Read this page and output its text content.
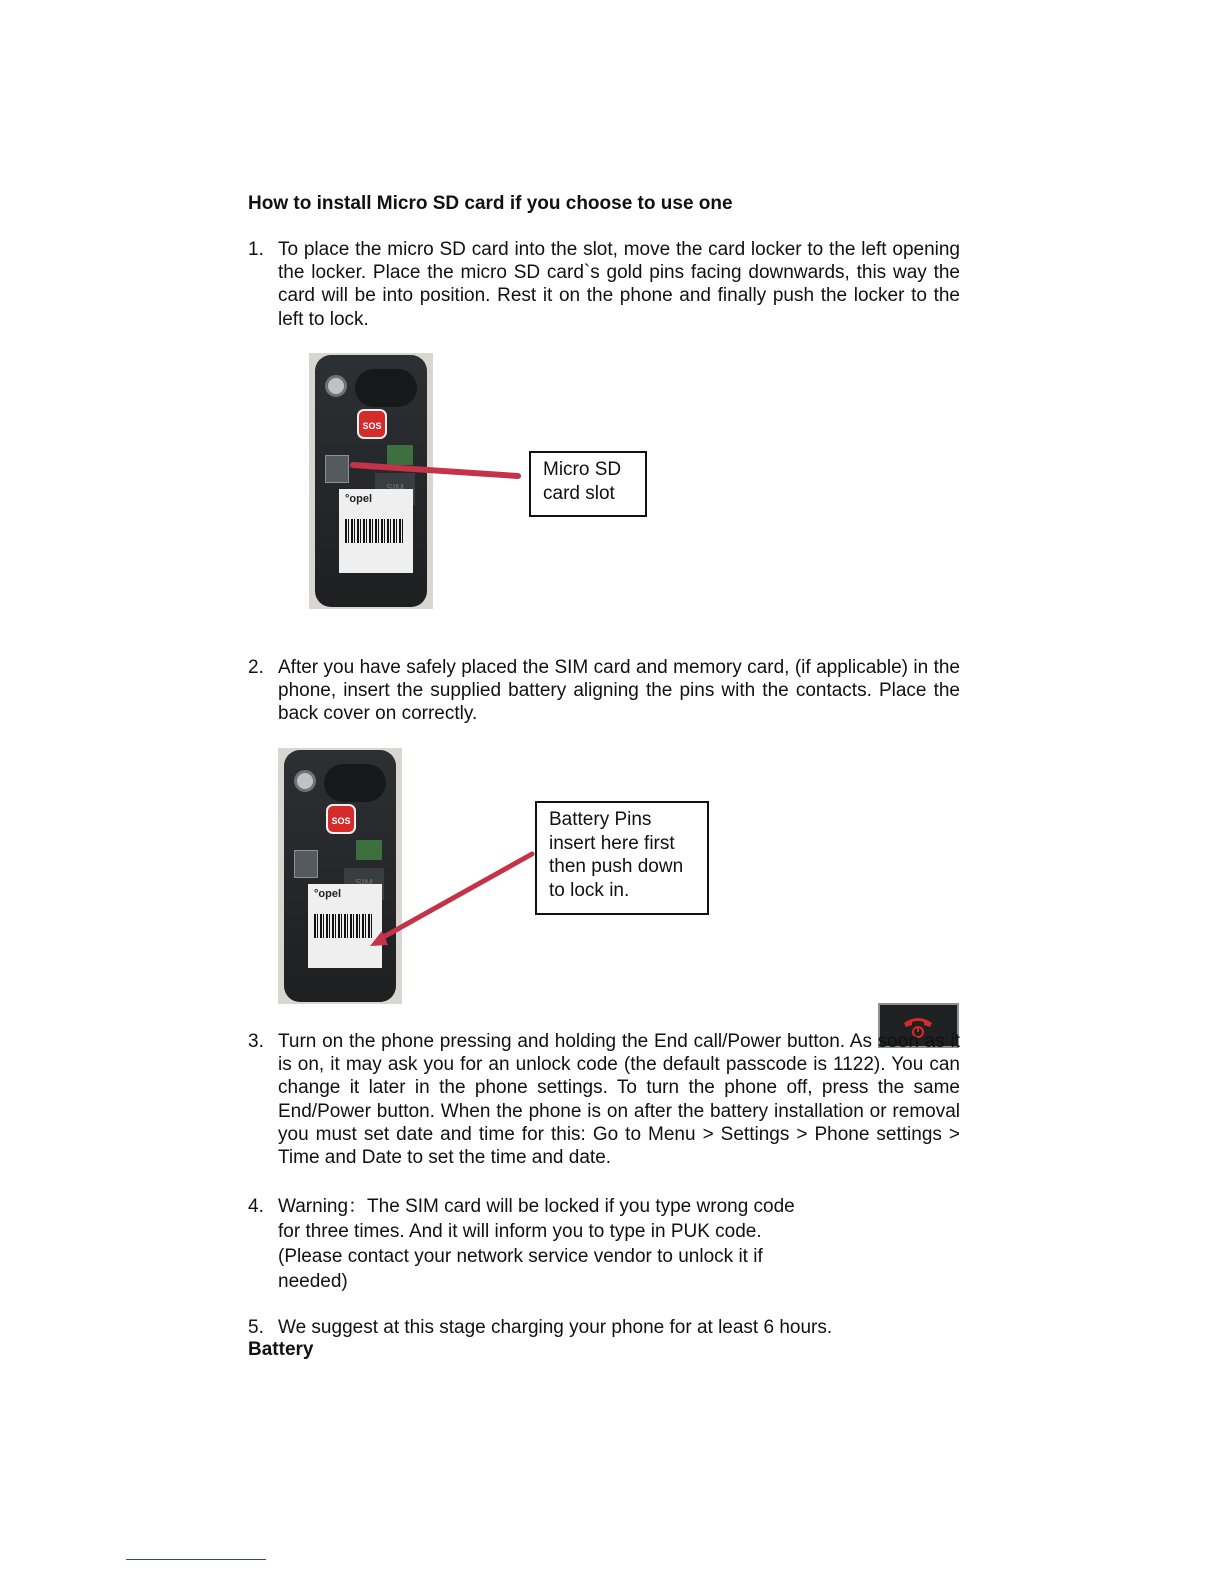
How to install Micro SD card if you choose to use one
1. To place the micro SD card into the slot, move the card locker to the left opening the locker. Place the micro SD card`s gold pins facing downwards, this way the card will be into position. Rest it on the phone and finally push the locker to the left to lock.
SOS
°opel
Micro SD
card slot
2. After you have safely placed the SIM card and memory card, (if applicable) in the phone, insert the supplied battery aligning the pins with the contacts. Place the back cover on correctly.
SOS
°opel
Battery Pins
insert here first
then push down
to lock in.
3. Turn on the phone pressing and holding the End call/Power button. As soon as it is on, it may ask you for an unlock code (the default passcode is 1122). You can change it later in the phone settings. To turn the phone off, press the same End/Power button. When the phone is on after the battery installation or removal you must set date and time for this: Go to Menu > Settings > Phone settings > Time and Date to set the time and date.
4. Warning：The SIM card will be locked if you type wrong code
for three times. And it will inform you to type in PUK code.
(Please contact your network service vendor to unlock it if
needed)
5. We suggest at this stage charging your phone for at least 6 hours.
Battery
